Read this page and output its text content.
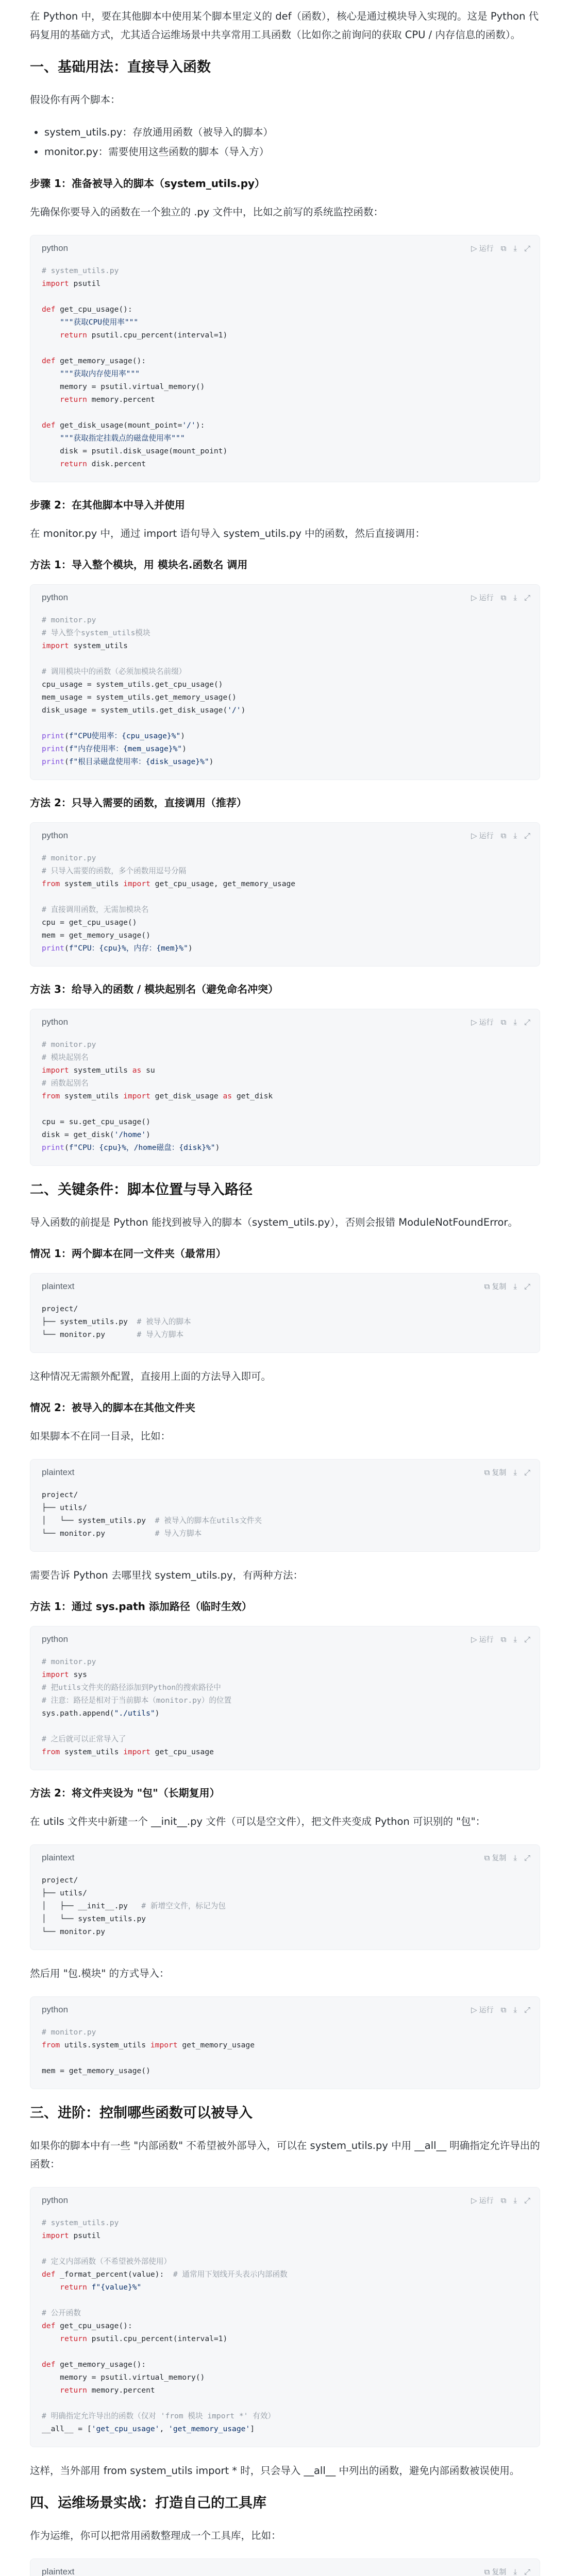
在 Python 中，要在其他脚本中使用某个脚本里定义的 def（函数），核心是通过模块导入实现的。这是 Python 代码复用的基础方式，尤其适合运维场景中共享常用工具函数（比如你之前询问的获取 CPU / 内存信息的函数）。

一、基础用法：直接导入函数

假设你有两个脚本：

• system_utils.py：存放通用函数（被导入的脚本）
• monitor.py：需要使用这些函数的脚本（导入方）
步骤 1：准备被导入的脚本（system_utils.py）

先确保你要导入的函数在一个独立的 .py 文件中，比如之前写的系统监控函数：

python	▷ 运行 ⧉ ⤓ ⤢
# system_utils.py
import psutil

def get_cpu_usage():
"""获取CPU使用率"""
return psutil.cpu_percent(interval=1)

def get_memory_usage():
"""获取内存使用率"""
memory = psutil.virtual_memory()
return memory.percent

def get_disk_usage(mount_point='/'):
"""获取指定挂载点的磁盘使用率"""
disk = psutil.disk_usage(mount_point)
return disk.percent
步骤 2：在其他脚本中导入并使用

在 monitor.py 中，通过 import 语句导入 system_utils.py 中的函数，然后直接调用：

方法 1：导入整个模块，用 模块名.函数名 调用
python	▷ 运行 ⧉ ⤓ ⤢
# monitor.py
# 导入整个system_utils模块
import system_utils

# 调用模块中的函数（必须加模块名前缀）
cpu_usage = system_utils.get_cpu_usage()
mem_usage = system_utils.get_memory_usage()
disk_usage = system_utils.get_disk_usage('/')

print(f"CPU使用率：{cpu_usage}%")
print(f"内存使用率：{mem_usage}%")
print(f"根目录磁盘使用率：{disk_usage}%")
方法 2：只导入需要的函数，直接调用（推荐）
python	▷ 运行 ⧉ ⤓ ⤢
# monitor.py
# 只导入需要的函数，多个函数用逗号分隔
from system_utils import get_cpu_usage, get_memory_usage

# 直接调用函数，无需加模块名
cpu = get_cpu_usage()
mem = get_memory_usage()
print(f"CPU：{cpu}%，内存：{mem}%")
方法 3：给导入的函数 / 模块起别名（避免命名冲突）
python	▷ 运行 ⧉ ⤓ ⤢
# monitor.py
# 模块起别名
import system_utils as su
# 函数起别名
from system_utils import get_disk_usage as get_disk

cpu = su.get_cpu_usage()
disk = get_disk('/home')
print(f"CPU：{cpu}%，/home磁盘：{disk}%")
二、关键条件：脚本位置与导入路径

导入函数的前提是 Python 能找到被导入的脚本（system_utils.py），否则会报错 ModuleNotFoundError。

情况 1：两个脚本在同一文件夹（最常用）
plaintext	⧉ 复制 ⤓ ⤢
project/
├── system_utils.py  # 被导入的脚本
└── monitor.py	# 导入方脚本

这种情况无需额外配置，直接用上面的方法导入即可。

情况 2：被导入的脚本在其他文件夹

如果脚本不在同一目录，比如：

plaintext	⧉ 复制 ⤓ ⤢
project/
├── utils/
│   └── system_utils.py  # 被导入的脚本在utils文件夹
└── monitor.py	# 导入方脚本

需要告诉 Python 去哪里找 system_utils.py，有两种方法：

方法 1：通过 sys.path 添加路径（临时生效）
python	▷ 运行 ⧉ ⤓ ⤢
# monitor.py
import sys
# 把utils文件夹的路径添加到Python的搜索路径中
# 注意：路径是相对于当前脚本（monitor.py）的位置
sys.path.append("./utils")

# 之后就可以正常导入了
from system_utils import get_cpu_usage
方法 2：将文件夹设为 "包"（长期复用）

在 utils 文件夹中新建一个 __init__.py 文件（可以是空文件），把文件夹变成 Python 可识别的 "包"：

plaintext	⧉ 复制 ⤓ ⤢
project/
├── utils/
│   ├── __init__.py   # 新增空文件，标记为包
│   └── system_utils.py
└── monitor.py

然后用 "包.模块" 的方式导入：

python	▷ 运行 ⧉ ⤓ ⤢
# monitor.py
from utils.system_utils import get_memory_usage

mem = get_memory_usage()
三、进阶：控制哪些函数可以被导入

如果你的脚本中有一些 "内部函数" 不希望被外部导入，可以在 system_utils.py 中用 __all__ 明确指定允许导出的函数：

python	▷ 运行 ⧉ ⤓ ⤢
# system_utils.py
import psutil

# 定义内部函数（不希望被外部使用）
def _format_percent(value):  # 通常用下划线开头表示内部函数
return f"{value}%"

# 公开函数
def get_cpu_usage():
return psutil.cpu_percent(interval=1)

def get_memory_usage():
memory = psutil.virtual_memory()
return memory.percent

# 明确指定允许导出的函数（仅对 'from 模块 import *' 有效）
__all__ = ['get_cpu_usage', 'get_memory_usage']

这样，当外部用 from system_utils import * 时，只会导入 __all__ 中列出的函数，避免内部函数被误使用。

四、运维场景实战：打造自己的工具库

作为运维，你可以把常用函数整理成一个工具库，比如：

plaintext	⧉ 复制 ⤓ ⤢
